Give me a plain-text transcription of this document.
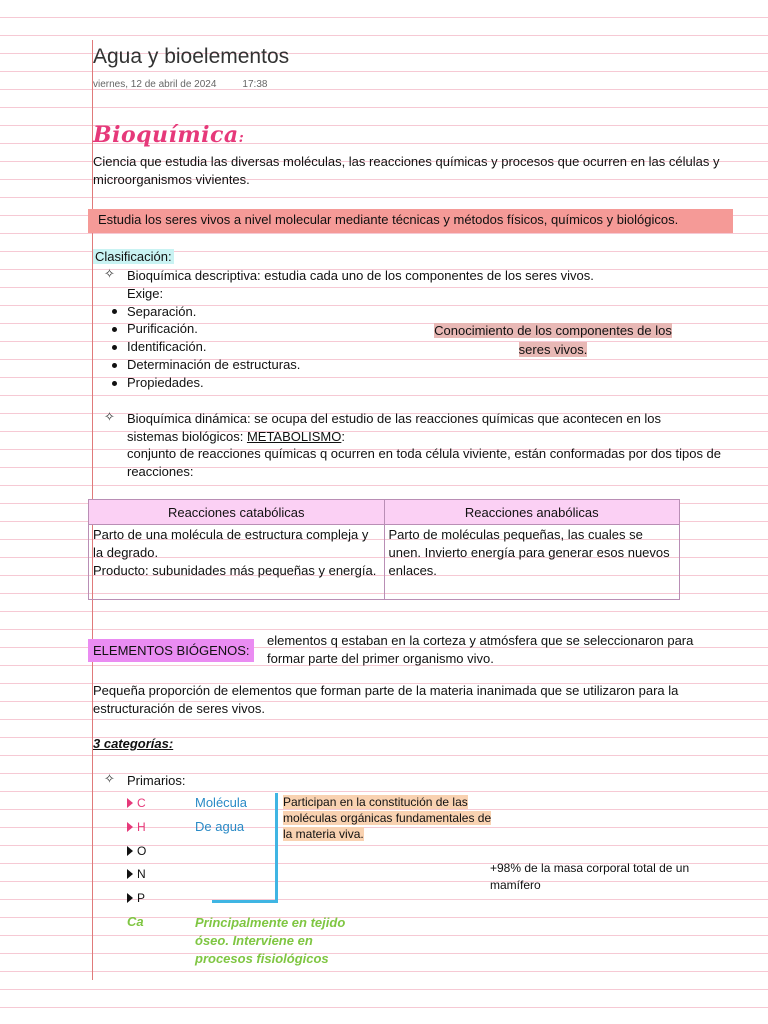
Agua y bioelementos
viernes, 12 de abril de 2024	17:38
Bioquímica:
Ciencia que estudia las diversas moléculas, las reacciones químicas y procesos que ocurren en las células y microorganismos vivientes.
Estudia los seres vivos a nivel molecular mediante técnicas y métodos físicos, químicos y biológicos.
Clasificación:
✧ Bioquímica descriptiva: estudia cada uno de los componentes de los seres vivos.
Exige:
Separación.
Purificación.
Identificación.
Determinación de estructuras.
Propiedades.
Conocimiento de los componentes de los seres vivos.
✧ Bioquímica dinámica: se ocupa del estudio de las reacciones químicas que acontecen en los
sistemas biológicos: METABOLISMO:
conjunto de reacciones químicas q ocurren en toda célula viviente, están conformadas por dos tipos de reacciones:
Reacciones catabólicas	Reacciones anabólicas
Parto de una molécula de estructura compleja y la degrado.
Producto: subunidades más pequeñas y energía.	Parto de moléculas pequeñas, las cuales se unen. Invierto energía para generar esos nuevos enlaces.
ELEMENTOS BIÓGENOS:
elementos q estaban en la corteza y atmósfera que se seleccionaron para formar parte del primer organismo vivo.
Pequeña proporción de elementos que forman parte de la materia inanimada que se utilizaron para la estructuración de seres vivos.
3 categorías:
✧ Primarios:
C
H
O
N
P
Molécula
De agua
Participan en la constitución de las moléculas orgánicas fundamentales de la materia viva.
+98% de la masa corporal total de un mamífero
Ca	Principalmente en tejido óseo. Interviene en procesos fisiológicos
